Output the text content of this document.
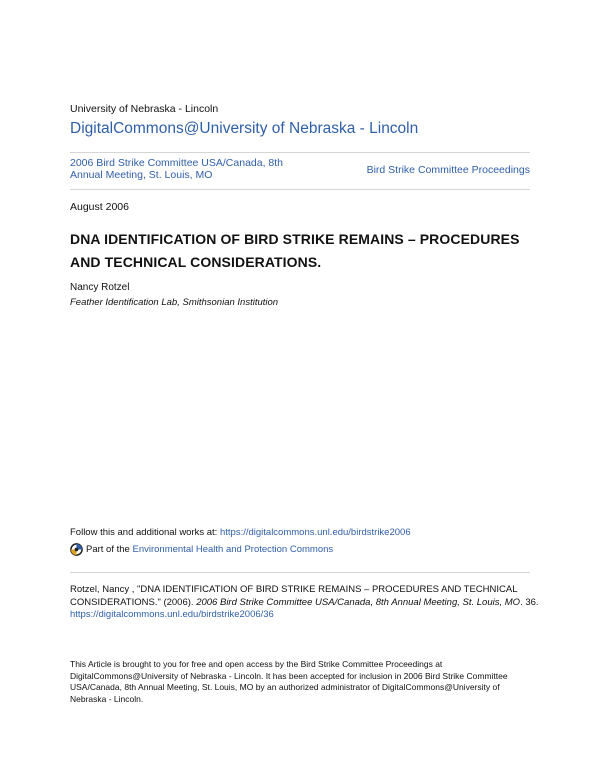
University of Nebraska - Lincoln
DigitalCommons@University of Nebraska - Lincoln
2006 Bird Strike Committee USA/Canada, 8th Annual Meeting, St. Louis, MO	Bird Strike Committee Proceedings
August 2006
DNA IDENTIFICATION OF BIRD STRIKE REMAINS – PROCEDURES AND TECHNICAL CONSIDERATIONS.
Nancy Rotzel
Feather Identification Lab, Smithsonian Institution
Follow this and additional works at: https://digitalcommons.unl.edu/birdstrike2006
Part of the
Environmental Health and Protection Commons
Rotzel, Nancy , "DNA IDENTIFICATION OF BIRD STRIKE REMAINS – PROCEDURES AND TECHNICAL CONSIDERATIONS." (2006). 2006 Bird Strike Committee USA/Canada, 8th Annual Meeting, St. Louis, MO. 36.
https://digitalcommons.unl.edu/birdstrike2006/36
This Article is brought to you for free and open access by the Bird Strike Committee Proceedings at DigitalCommons@University of Nebraska - Lincoln. It has been accepted for inclusion in 2006 Bird Strike Committee USA/Canada, 8th Annual Meeting, St. Louis, MO by an authorized administrator of DigitalCommons@University of Nebraska - Lincoln.
